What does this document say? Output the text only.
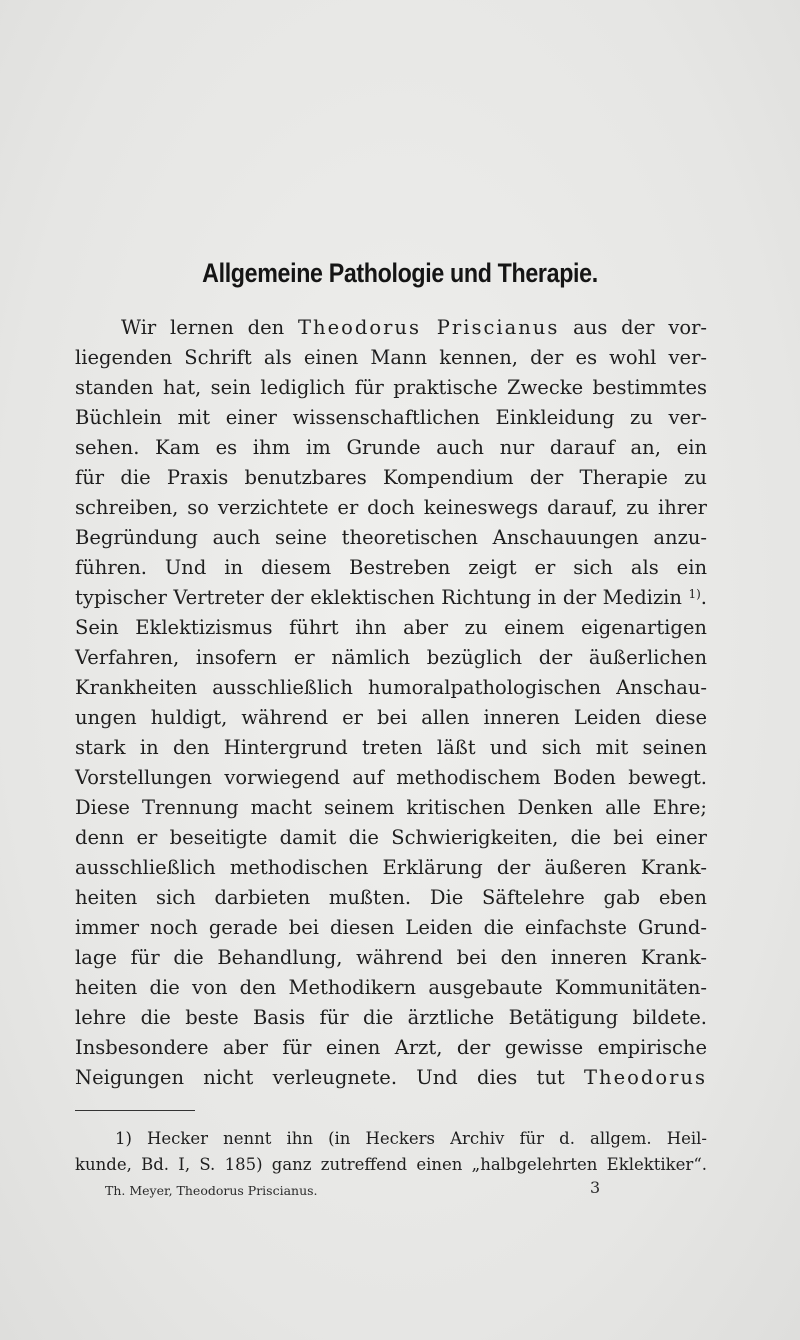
Allgemeine Pathologie und Therapie.
Wir lernen den Theodorus Priscianus aus der vor-
liegenden Schrift als einen Mann kennen, der es wohl ver-
standen hat, sein lediglich für praktische Zwecke bestimmtes
Büchlein mit einer wissenschaftlichen Einkleidung zu ver-
sehen. Kam es ihm im Grunde auch nur darauf an, ein
für die Praxis benutzbares Kompendium der Therapie zu
schreiben, so verzichtete er doch keineswegs darauf, zu ihrer
Begründung auch seine theoretischen Anschauungen anzu-
führen. Und in diesem Bestreben zeigt er sich als ein
typischer Vertreter der eklektischen Richtung in der Medizin $^{1)}$.
Sein Eklektizismus führt ihn aber zu einem eigenartigen
Verfahren, insofern er nämlich bezüglich der äußerlichen
Krankheiten ausschließlich humoralpathologischen Anschau-
ungen huldigt, während er bei allen inneren Leiden diese
stark in den Hintergrund treten läßt und sich mit seinen
Vorstellungen vorwiegend auf methodischem Boden bewegt.
Diese Trennung macht seinem kritischen Denken alle Ehre;
denn er beseitigte damit die Schwierigkeiten, die bei einer
ausschließlich methodischen Erklärung der äußeren Krank-
heiten sich darbieten mußten. Die Säftelehre gab eben
immer noch gerade bei diesen Leiden die einfachste Grund-
lage für die Behandlung, während bei den inneren Krank-
heiten die von den Methodikern ausgebaute Kommunitäten-
lehre die beste Basis für die ärztliche Betätigung bildete.
Insbesondere aber für einen Arzt, der gewisse empirische
Neigungen nicht verleugnete. Und dies tut Theodorus
1) Hecker nennt ihn (in Heckers Archiv für d. allgem. Heil-
kunde, Bd. I, S. 185) ganz zutreffend einen „halbgelehrten Eklektiker“.
Th. Meyer, Theodorus Priscianus.	3
